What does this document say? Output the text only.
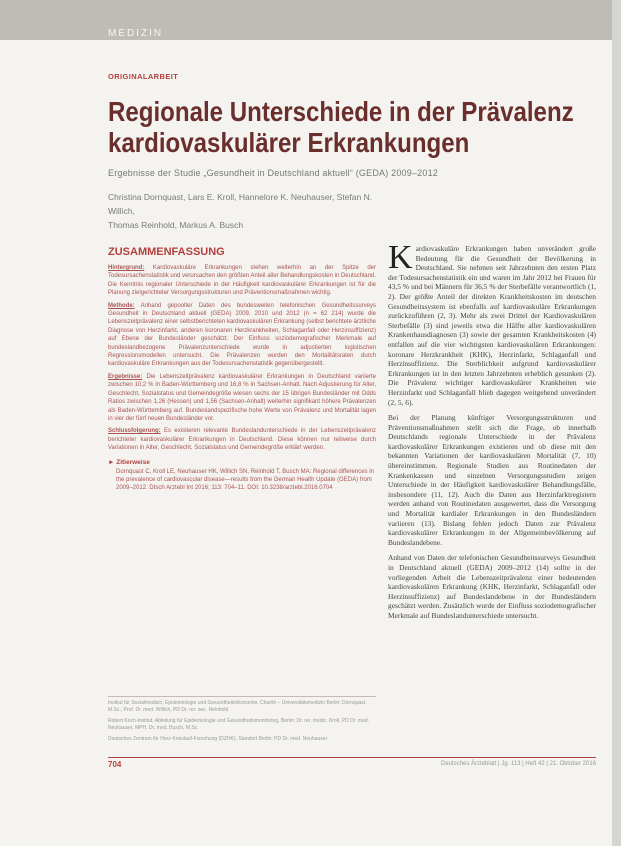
MEDIZIN
ORIGINALARBEIT
Regionale Unterschiede in der Prävalenz
kardiovaskulärer Erkrankungen
Ergebnisse der Studie „Gesundheit in Deutschland aktuell“ (GEDA) 2009–2012
Christina Dornquast, Lars E. Kroll, Hannelore K. Neuhauser, Stefan N. Willich,
Thomas Reinhold, Markus A. Busch
ZUSAMMENFASSUNG

Hintergrund: Kardiovaskuläre Erkrankungen stehen weiterhin an der Spitze der Todesursachenstatistik und verursachen den größten Anteil aller Behandlungskosten in Deutschland. Die Kenntnis regionaler Unterschiede in der Häufigkeit kardiovaskulärer Erkrankungen ist für die Planung zielgerichteter Versorgungsstrukturen und Präventionsmaßnahmen wichtig.

Methode: Anhand gepoolter Daten des bundesweiten telefonischen Gesundheitssurveys Gesundheit in Deutschland aktuell (GEDA) 2009, 2010 und 2012 (n = 62 214) wurde die Lebenszeitprävalenz einer selbstberichteten kardiovaskulären Erkrankung (selbst berichtete ärztliche Diagnose von Herzinfarkt, anderen koronaren Herzkrankheiten, Schlaganfall oder Herzinsuffizienz) auf Ebene der Bundesländer geschätzt. Der Einfluss soziodemografischer Merkmale auf bundeslandbezogene Prävalenzunterschiede wurde in adjustierten logistischen Regressionsmodellen untersucht. Die Prävalenzen wurden den Mortalitätsraten durch kardiovaskuläre Erkrankungen aus der Todesursachenstatistik gegenübergestellt.

Ergebnisse: Die Lebenszeitprävalenz kardiovaskulärer Erkrankungen in Deutschland variierte zwischen 10,2 % in Baden-Württemberg und 16,8 % in Sachsen-Anhalt. Nach Adjustierung für Alter, Geschlecht, Sozialstatus und Gemeindegröße wiesen sechs der 15 übrigen Bundesländer mit Odds Ratios zwischen 1,26 (Hessen) und 1,56 (Sachsen-Anhalt) weiterhin signifikant höhere Prävalenzen als Baden-Württemberg auf. Bundeslandspezifische hohe Werte von Prävalenz und Mortalität lagen in vier der fünf neuen Bundesländer vor.

Schlussfolgerung: Es existieren relevante Bundeslandunterschiede in der Lebenszeitprävalenz berichteter kardiovaskulärer Erkrankungen in Deutschland. Diese können nur teilweise durch Variationen in Alter, Geschlecht, Sozialstatus und Gemeindegröße erklärt werden.

► Zitierweise
Dornquast C, Kroll LE, Neuhauser HK, Willich SN, Reinhold T, Busch MA: Regional differences in the prevalence of cardiovascular disease—results from the German Health Update (GEDA) from 2009–2012. Dtsch Arztebl Int 2016; 113: 704–11. DOI: 10.3238/arztebl.2016.0704

Kardiovaskuläre Erkrankungen haben unverändert große Bedeutung für die Gesundheit der Bevölkerung in Deutschland. Sie nehmen seit Jahrzehnten den ersten Platz der Todesursachenstatistik ein und waren im Jahr 2012 bei Frauen für 43,5 % und bei Männern für 36,5 % der Sterbefälle verantwortlich (1, 2). Der größte Anteil der direkten Krankheitskosten im deutschen Gesundheitssystem ist ebenfalls auf kardiovaskuläre Erkrankungen zurückzuführen (2, 3). Mehr als zwei Drittel der Kardiovaskulären Sterbefälle (3) sind jeweils etwa die Hälfte aller kardiovaskulären Krankenhausdiagnosen (3) sowie der gesamten Krankheitskosten (4) entfallen auf die vier wichtigsten kardiovaskulären Erkrankungen: koronare Herzkrankheit (KHK), Herzinfarkt, Schlaganfall und Herzinsuffizienz. Die Sterblichkeit aufgrund kardiovaskulärer Erkrankungen ist in den letzten Jahrzehnten erheblich gesunken (2). Die Prävalenz wichtiger kardiovaskulärer Krankheiten wie Herzinfarkt und Schlaganfall blieb dagegen weitgehend unverändert (2, 5, 6).

Bei der Planung künftiger Versorgungsstrukturen und Präventionsmaßnahmen stellt sich die Frage, ob innerhalb Deutschlands regionale Unterschiede in der Prävalenz kardiovaskulärer Erkrankungen existieren und ob diese mit den bekannten Variationen der kardiovaskulären Mortalität (7, 10) übereinstimmen. Regionale Studien aus Routinedaten der Krankenkassen und einzelnen Versorgungsstudien zeigen Unterschiede in der Häufigkeit kardiovaskulärer Behandlungsfälle, insbesondere (11, 12). Auch die Daten aus Herzinfarktregistern werden anhand von Routinedaten ausgewertet, dass die Versorgung und Mortalität kardialer Erkrankungen in den Bundesländern variieren (13). Bislang fehlen jedoch Daten zur Prävalenz kardiovaskulärer Erkrankungen in der Allgemeinbevölkerung auf Bundeslandebene.

Anhand von Daten der telefonischen Gesundheitssurveys Gesundheit in Deutschland aktuell (GEDA) 2009–2012 (14) sollte in der vorliegenden Arbeit die Lebenszeitprävalenz einer bedeutenden kardiovaskulären Erkrankung (KHK, Herzinfarkt, Schlaganfall oder Herzinsuffizienz) auf Bundeslandebene in der Bundesländern geschätzt werden. Zusätzlich wurde der Einfluss soziodemografischer Merkmale auf Bundeslandunterschiede untersucht.

Institut für Sozialmedizin, Epidemiologie und Gesundheitsökonomie, Charité – Universitätsmedizin Berlin: Dornquast, M.Sc., Prof. Dr. med. Willich, PD Dr. rer. oec. Reinhold

Robert Koch-Institut, Abteilung für Epidemiologie und Gesundheitsmonitoring, Berlin: Dr. rer. medic. Kroll, PD Dr. med. Neuhauser, MPH, Dr. med. Busch, M.Sc.

Deutsches Zentrum für Herz-Kreislauf-Forschung (DZHK), Standort Berlin: PD Dr. med. Neuhauser

704	Deutsches Ärzteblatt | Jg. 113 | Heft 42 | 21. Oktober 2016
